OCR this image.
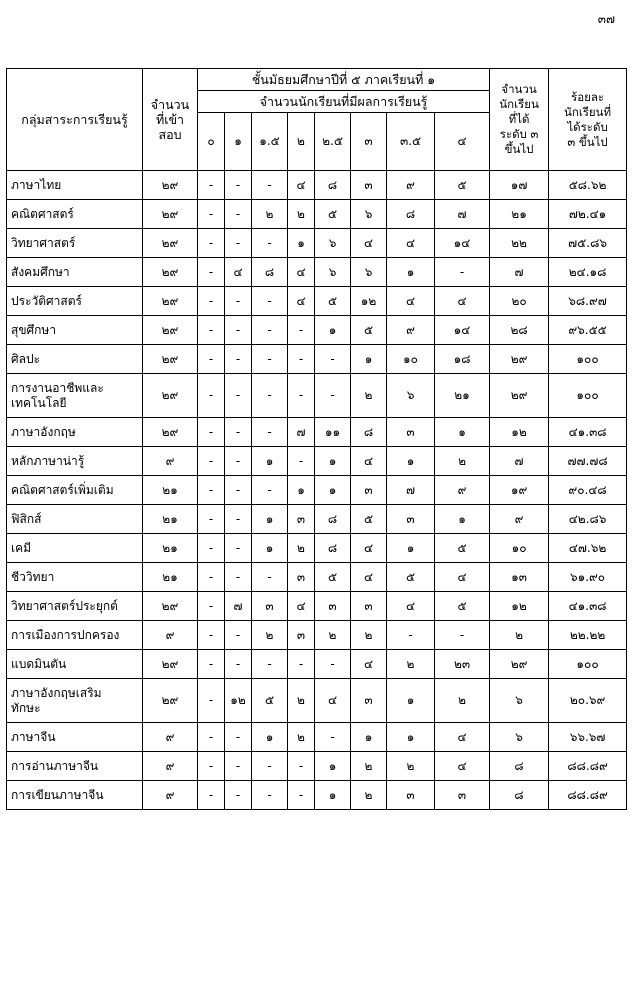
๓๗
กลุ่มสาระการเรียนรู้	จำนวน
ที่เข้า
สอบ	ชั้นมัธยมศึกษาปีที่ ๕ ภาคเรียนที่ ๑								จำนวน
นักเรียน
ที่ได้
ระดับ ๓
ขึ้นไป	ร้อยละ
นักเรียนที่
ได้ระดับ
๓ ขึ้นไป
		จำนวนนักเรียนที่มีผลการเรียนรู้									
		๐	๑	๑.๕	๒	๒.๕	๓	๓.๕	๔		
ภาษาไทย	๒๙	-	-	-	๔	๘	๓	๙	๕	๑๗	๕๘.๖๒
คณิตศาสตร์	๒๙	-	-	๒	๒	๕	๖	๘	๗	๒๑	๗๒.๔๑
วิทยาศาสตร์	๒๙	-	-	-	๑	๖	๔	๔	๑๔	๒๒	๗๕.๘๖
สังคมศึกษา	๒๙	-	๔	๘	๔	๖	๖	๑	-	๗	๒๔.๑๘
ประวัติศาสตร์	๒๙	-	-	-	๔	๕	๑๒	๔	๔	๒๐	๖๘.๙๗
สุขศึกษา	๒๙	-	-	-	-	๑	๕	๙	๑๔	๒๘	๙๖.๕๕
ศิลปะ	๒๙	-	-	-	-	-	๑	๑๐	๑๘	๒๙	๑๐๐
การงานอาชีพและ
เทคโนโลยี	๒๙	-	-	-	-	-	๒	๖	๒๑	๒๙	๑๐๐
ภาษาอังกฤษ	๒๙	-	-	-	๗	๑๑	๘	๓	๑	๑๒	๔๑.๓๘
หลักภาษาน่ารู้	๙	-	-	๑	-	๑	๔	๑	๒	๗	๗๗.๗๘
คณิตศาสตร์เพิ่มเติม	๒๑	-	-	-	๑	๑	๓	๗	๙	๑๙	๙๐.๔๘
ฟิสิกส์	๒๑	-	-	๑	๓	๘	๕	๓	๑	๙	๔๒.๘๖
เคมี	๒๑	-	-	๑	๒	๘	๔	๑	๕	๑๐	๔๗.๖๒
ชีววิทยา	๒๑	-	-	-	๓	๕	๔	๕	๔	๑๓	๖๑.๙๐
วิทยาศาสตร์ประยุกต์	๒๙	-	๗	๓	๔	๓	๓	๔	๕	๑๒	๔๑.๓๘
การเมืองการปกครอง	๙	-	-	๒	๓	๒	๒	-	-	๒	๒๒.๒๒
แบดมินตัน	๒๙	-	-	-	-	-	๔	๒	๒๓	๒๙	๑๐๐
ภาษาอังกฤษเสริม
ทักษะ	๒๙	-	๑๒	๕	๒	๔	๓	๑	๒	๖	๒๐.๖๙
ภาษาจีน	๙	-	-	๑	๒	-	๑	๑	๔	๖	๖๖.๖๗
การอ่านภาษาจีน	๙	-	-	-	-	๑	๒	๒	๔	๘	๘๘.๘๙
การเขียนภาษาจีน	๙	-	-	-	-	๑	๒	๓	๓	๘	๘๘.๘๙
